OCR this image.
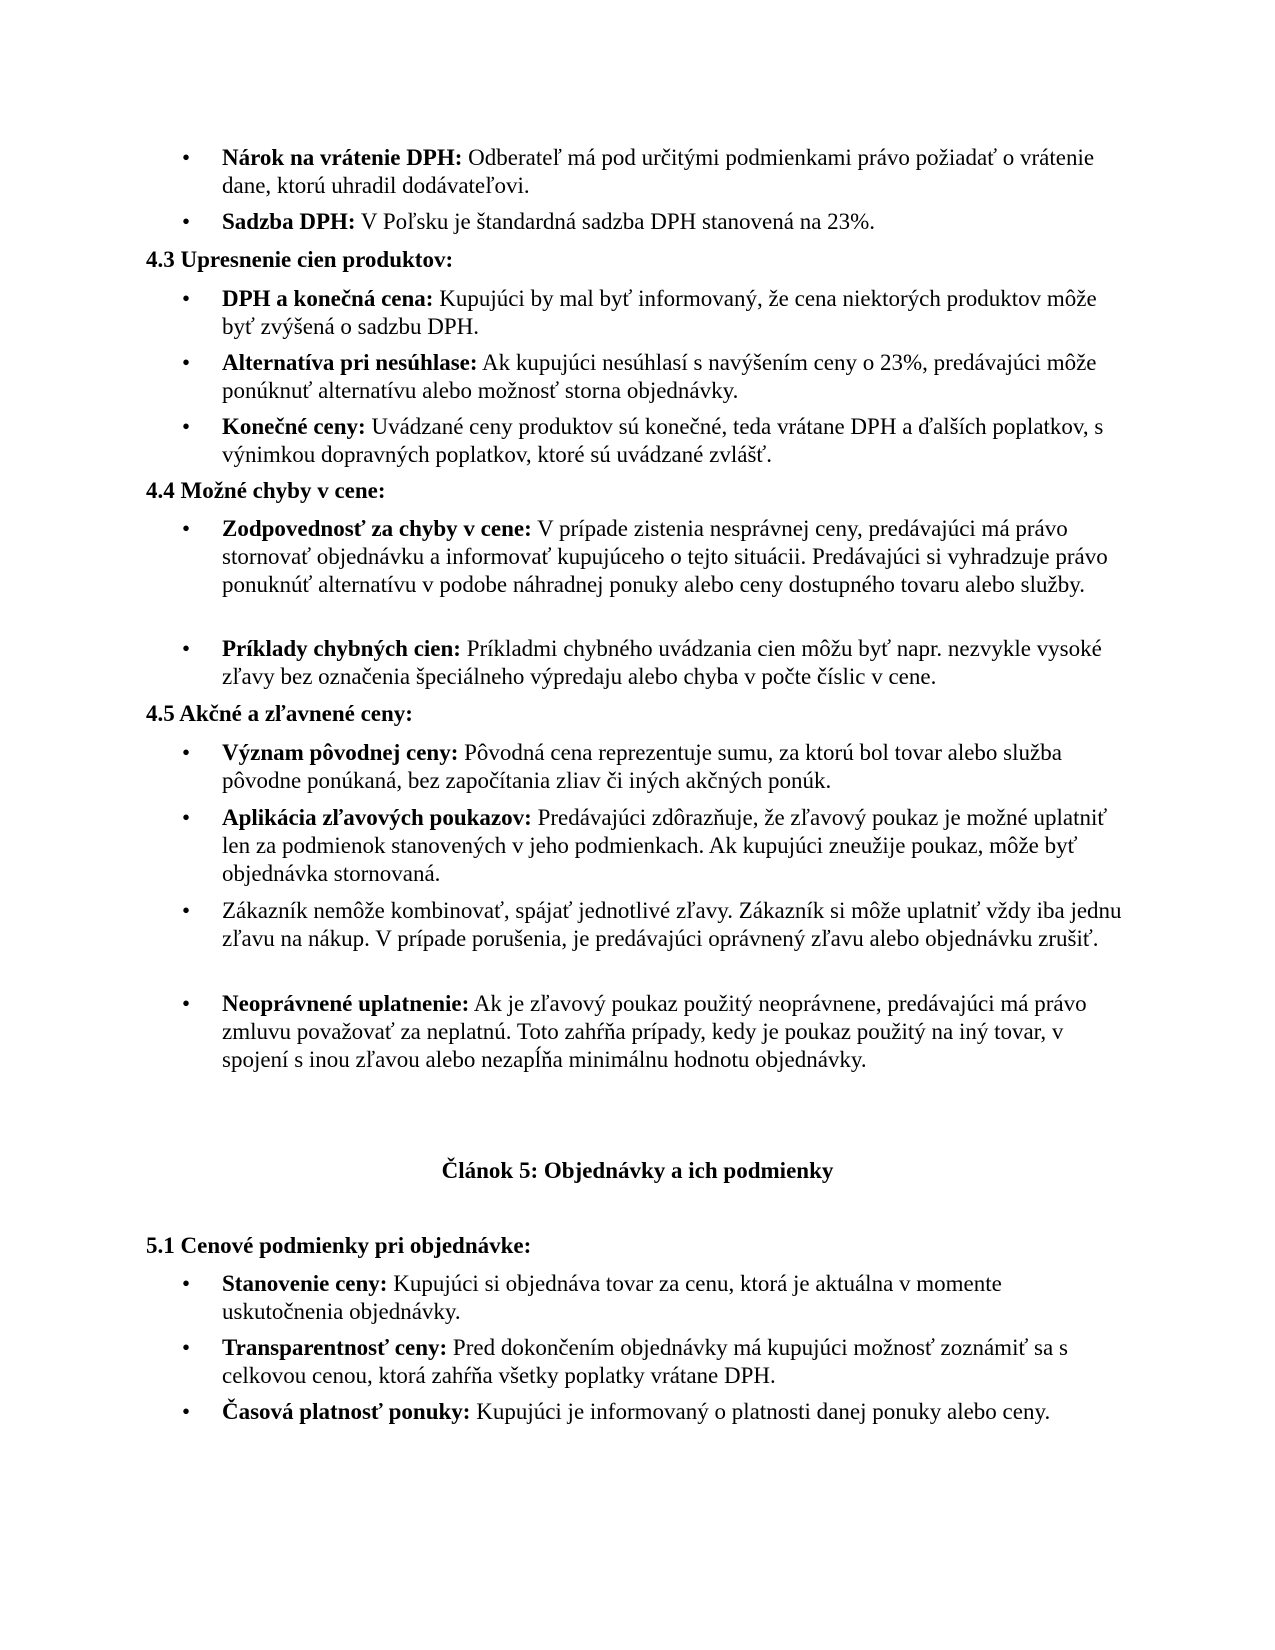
• Nárok na vrátenie DPH: Odberateľ má pod určitými podmienkami právo požiadať o vrátenie dane, ktorú uhradil dodávateľovi.
• Sadzba DPH: V Poľsku je štandardná sadzba DPH stanovená na 23%.
4.3 Upresnenie cien produktov:
• DPH a konečná cena: Kupujúci by mal byť informovaný, že cena niektorých produktov môže byť zvýšená o sadzbu DPH.
• Alternatíva pri nesúhlase: Ak kupujúci nesúhlasí s navýšením ceny o 23%, predávajúci môže ponúknuť alternatívu alebo možnosť storna objednávky.
• Konečné ceny: Uvádzané ceny produktov sú konečné, teda vrátane DPH a ďalších poplatkov, s výnimkou dopravných poplatkov, ktoré sú uvádzané zvlášť.
4.4 Možné chyby v cene:
• Zodpovednosť za chyby v cene: V prípade zistenia nesprávnej ceny, predávajúci má právo stornovať objednávku a informovať kupujúceho o tejto situácii. Predávajúci si vyhradzuje právo ponuknúť alternatívu v podobe náhradnej ponuky alebo ceny dostupného tovaru alebo služby.
• Príklady chybných cien: Príkladmi chybného uvádzania cien môžu byť napr. nezvykle vysoké zľavy bez označenia špeciálneho výpredaju alebo chyba v počte číslic v cene.
4.5 Akčné a zľavnené ceny:
• Význam pôvodnej ceny: Pôvodná cena reprezentuje sumu, za ktorú bol tovar alebo služba pôvodne ponúkaná, bez započítania zliav či iných akčných ponúk.
• Aplikácia zľavových poukazov: Predávajúci zdôrazňuje, že zľavový poukaz je možné uplatniť len za podmienok stanovených v jeho podmienkach. Ak kupujúci zneužije poukaz, môže byť objednávka stornovaná.
• Zákazník nemôže kombinovať, spájať jednotlivé zľavy. Zákazník si môže uplatniť vždy iba jednu zľavu na nákup. V prípade porušenia, je predávajúci oprávnený zľavu alebo objednávku zrušiť.
• Neoprávnené uplatnenie: Ak je zľavový poukaz použitý neoprávnene, predávajúci má právo zmluvu považovať za neplatnú. Toto zahŕňa prípady, kedy je poukaz použitý na iný tovar, v spojení s inou zľavou alebo nezapĺňa minimálnu hodnotu objednávky.
Článok 5: Objednávky a ich podmienky
5.1 Cenové podmienky pri objednávke:
• Stanovenie ceny: Kupujúci si objednáva tovar za cenu, ktorá je aktuálna v momente uskutočnenia objednávky.
• Transparentnosť ceny: Pred dokončením objednávky má kupujúci možnosť zoznámiť sa s celkovou cenou, ktorá zahŕňa všetky poplatky vrátane DPH.
• Časová platnosť ponuky: Kupujúci je informovaný o platnosti danej ponuky alebo ceny.
